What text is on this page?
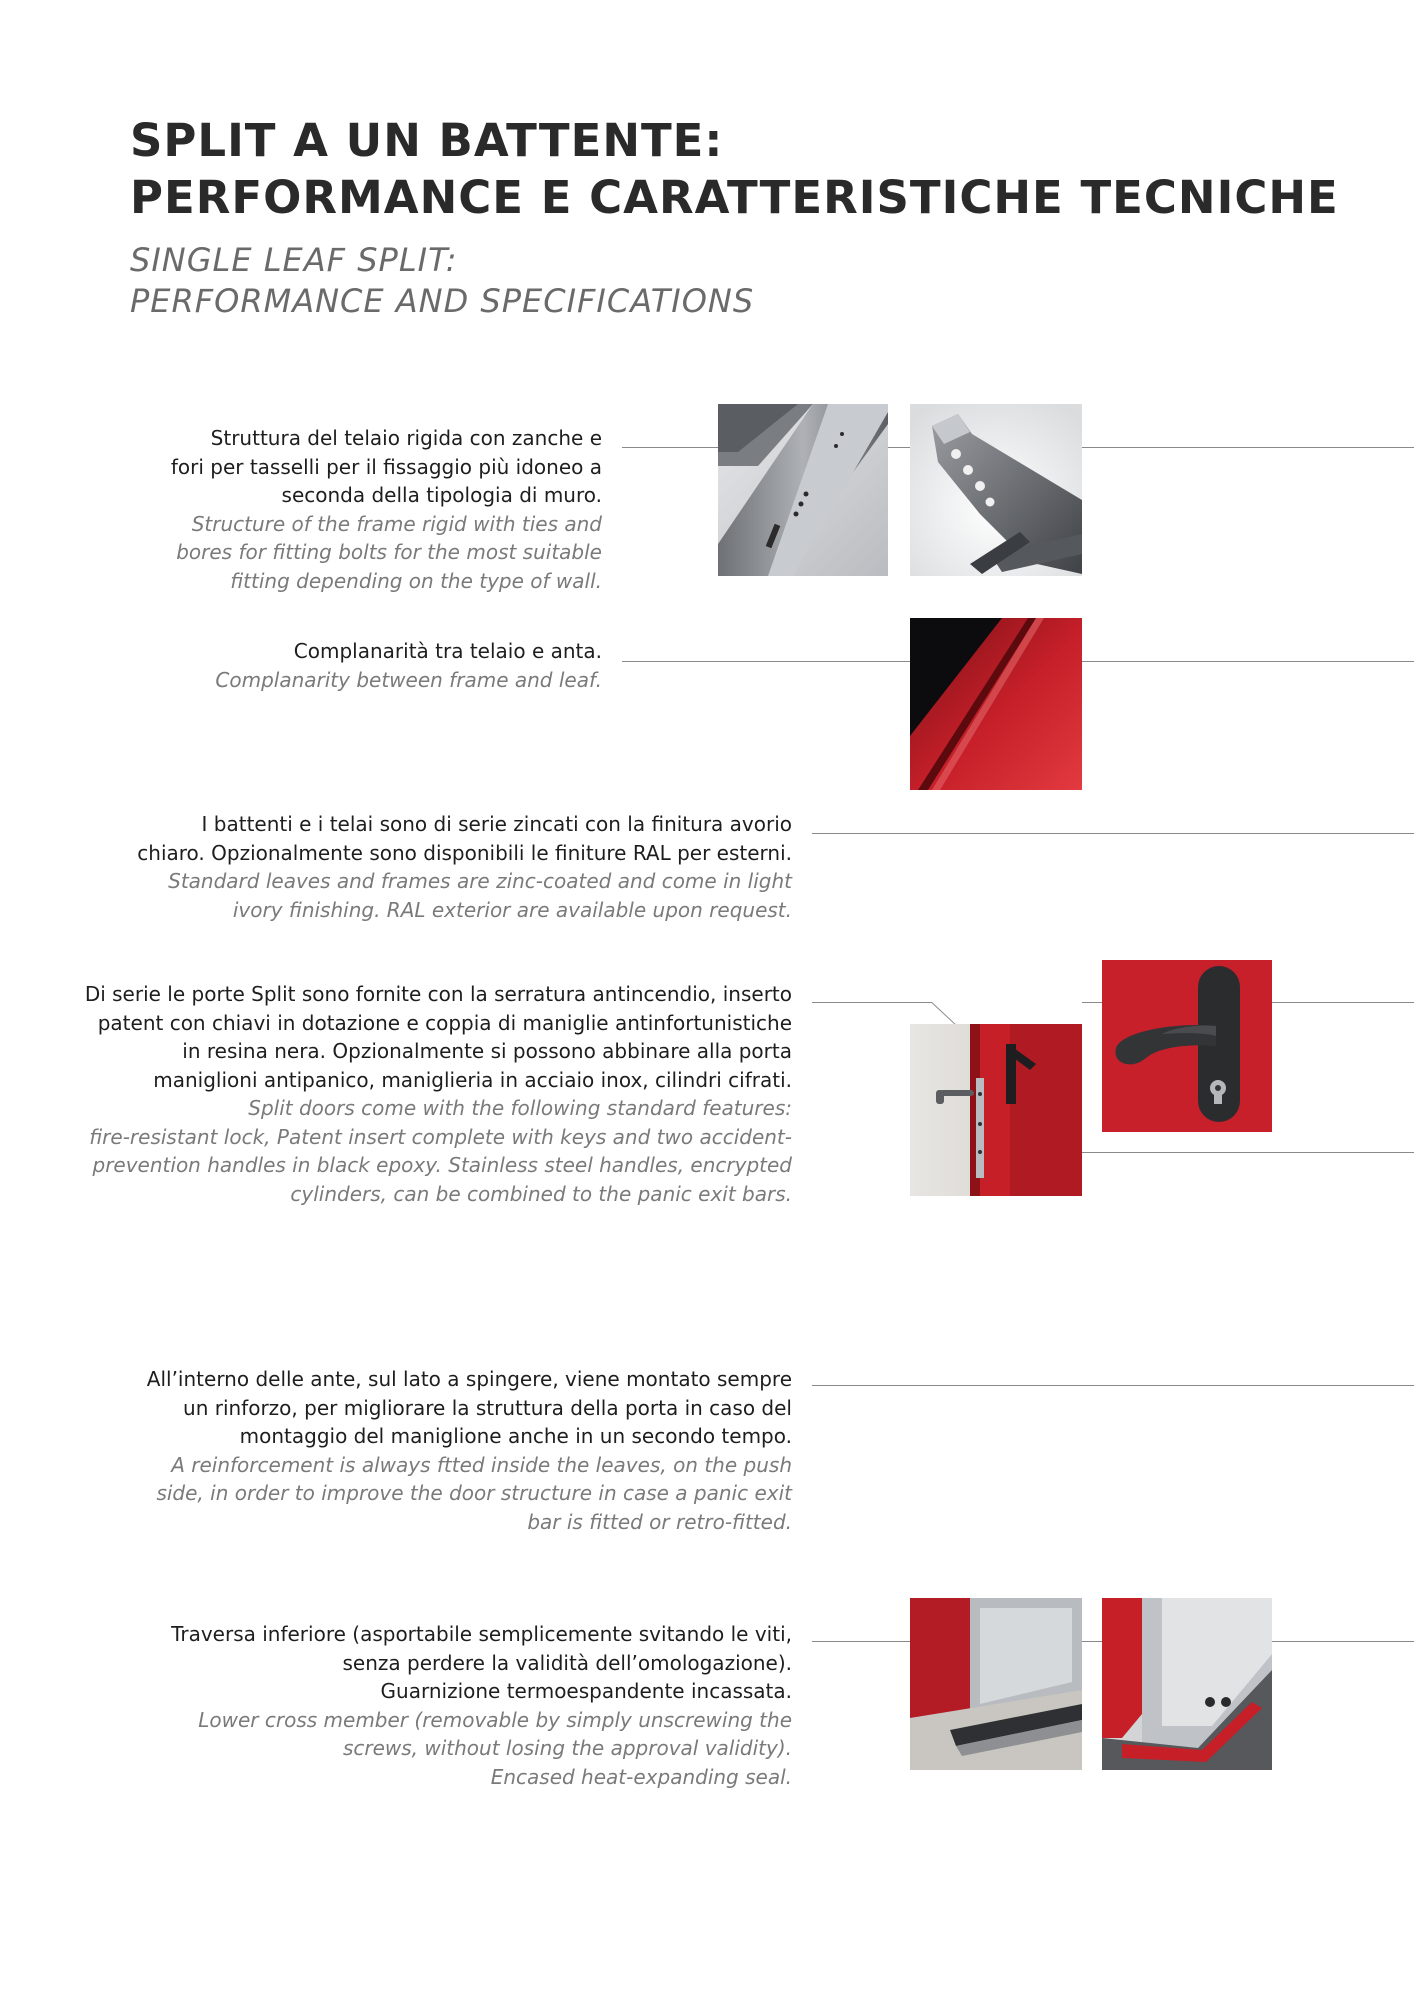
SPLIT A UN BATTENTE:
PERFORMANCE E CARATTERISTICHE TECNICHE
SINGLE LEAF SPLIT:
PERFORMANCE AND SPECIFICATIONS
Struttura del telaio rigida con zanche e
fori per tasselli per il fissaggio più idoneo a
seconda della tipologia di muro.
Structure of the frame rigid with ties and
bores for fitting bolts for the most suitable
fitting depending on the type of wall.
Complanarità tra telaio e anta.
Complanarity between frame and leaf.
I battenti e i telai sono di serie zincati con la finitura avorio
chiaro. Opzionalmente sono disponibili le finiture RAL per esterni.
Standard leaves and frames are zinc-coated and come in light
ivory finishing. RAL exterior are available upon request.
Di serie le porte Split sono fornite con la serratura antincendio, inserto
patent con chiavi in dotazione e coppia di maniglie antinfortunistiche
in resina nera. Opzionalmente si possono abbinare alla porta
maniglioni antipanico, maniglieria in acciaio inox, cilindri cifrati.
Split doors come with the following standard features:
fire-resistant lock, Patent insert complete with keys and two accident-
prevention handles in black epoxy. Stainless steel handles, encrypted
cylinders, can be combined to the panic exit bars.
All’interno delle ante, sul lato a spingere, viene montato sempre
un rinforzo, per migliorare la struttura della porta in caso del
montaggio del maniglione anche in un secondo tempo.
A reinforcement is always ftted inside the leaves, on the push
side, in order to improve the door structure in case a panic exit
bar is fitted or retro-fitted.
Traversa inferiore (asportabile semplicemente svitando le viti,
senza perdere la validità dell’omologazione).
Guarnizione termoespandente incassata.
Lower cross member (removable by simply unscrewing the
screws, without losing the approval validity).
Encased heat-expanding seal.
